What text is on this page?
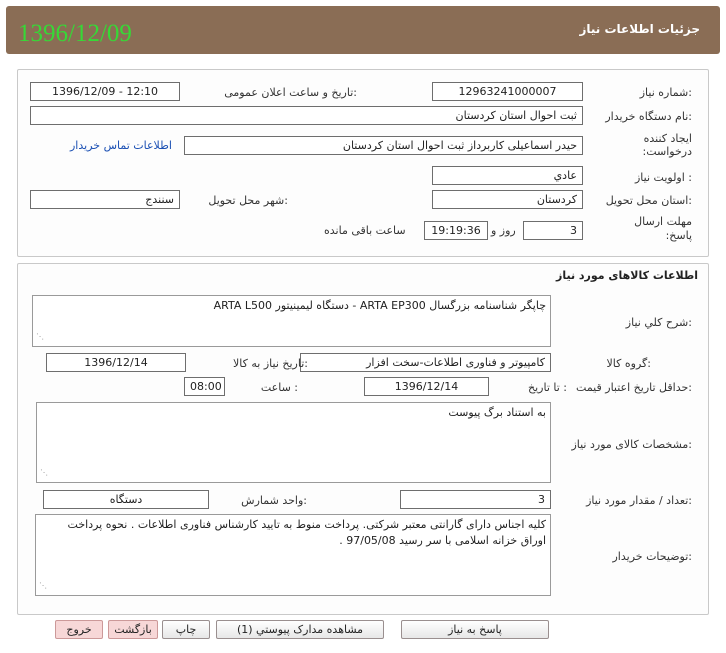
جزئیات اطلاعات نیاز
1396/12/09
شماره نیاز:
12963241000007
تاریخ و ساعت اعلان عمومی:
1396/12/09 - 12:10
نام دستگاه خریدار:
ثبت احوال استان کردستان
ایجاد کننده
درخواست:
حیدر اسماعیلی کاربرداز ثبت احوال استان کردستان
اطلاعات تماس خریدار
اولویت نیاز :
عادي
استان محل تحویل:
کردستان
شهر محل تحویل:
سنندج
مهلت ارسال
پاسخ:
3
روز و
19:19:36
ساعت باقی مانده
اطلاعات کالاهای مورد نیاز
شرح كلي نياز:
چاپگر شناسنامه بزرگسال ARTA EP300 - دستگاه لیمینیتور ARTA L500
⋰
گروه کالا:
کامپیوتر و فناوری اطلاعات-سخت افزار
تاریخ نیاز به کالا:
1396/12/14
حداقل تاریخ اعتبار قیمت:
تا تاریخ :
1396/12/14
ساعت :
08:00
مشخصات کالای مورد نیاز:
به استناد برگ پیوست
⋰
تعداد / مقدار مورد نیاز:
3
واحد شمارش:
دستگاه
توضیحات خریدار:
کلیه اجناس دارای گارانتی معتبر شرکتی. پرداخت منوط به تایید کارشناس فناوری اطلاعات . نحوه پرداخت اوراق خزانه اسلامی با سر رسید 97/05/08 .
⋰
پاسخ به نیاز
مشاهده مدارک پیوستي (1)
چاپ
بازگشت
خروج
